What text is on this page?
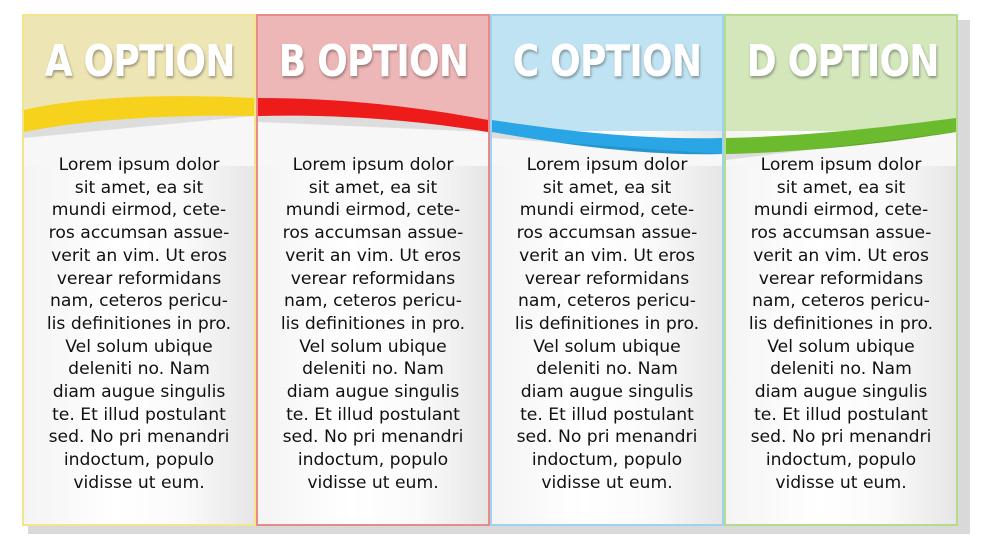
A OPTION
Lorem ipsum dolor
sit amet, ea sit
mundi eirmod, cete-
ros accumsan assue-
verit an vim. Ut eros
verear reformidans
nam, ceteros pericu-
lis definitiones in pro.
Vel solum ubique
deleniti no. Nam
diam augue singulis
te. Et illud postulant
sed. No pri menandri
indoctum, populo
vidisse ut eum.
B OPTION
Lorem ipsum dolor
sit amet, ea sit
mundi eirmod, cete-
ros accumsan assue-
verit an vim. Ut eros
verear reformidans
nam, ceteros pericu-
lis definitiones in pro.
Vel solum ubique
deleniti no. Nam
diam augue singulis
te. Et illud postulant
sed. No pri menandri
indoctum, populo
vidisse ut eum.
C OPTION
Lorem ipsum dolor
sit amet, ea sit
mundi eirmod, cete-
ros accumsan assue-
verit an vim. Ut eros
verear reformidans
nam, ceteros pericu-
lis definitiones in pro.
Vel solum ubique
deleniti no. Nam
diam augue singulis
te. Et illud postulant
sed. No pri menandri
indoctum, populo
vidisse ut eum.
D OPTION
Lorem ipsum dolor
sit amet, ea sit
mundi eirmod, cete-
ros accumsan assue-
verit an vim. Ut eros
verear reformidans
nam, ceteros pericu-
lis definitiones in pro.
Vel solum ubique
deleniti no. Nam
diam augue singulis
te. Et illud postulant
sed. No pri menandri
indoctum, populo
vidisse ut eum.
